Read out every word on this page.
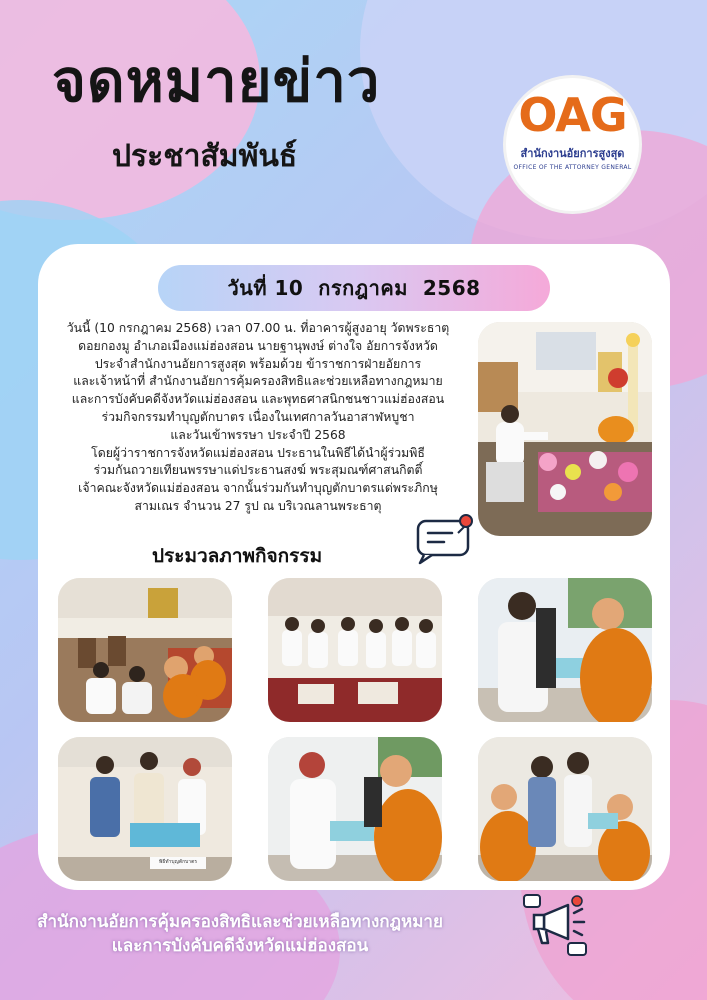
จดหมายข่าว
ประชาสัมพันธ์
OAG
สำนักงานอัยการสูงสุด
OFFICE OF THE ATTORNEY GENERAL
วันที่ 10  กรกฎาคม  2568

วันนี้ (10 กรกฎาคม 2568) เวลา 07.00 น. ที่อาคารผู้สูงอายุ วัดพระธาตุ
ดอยกองมู อำเภอเมืองแม่ฮ่องสอน นายฐานุพงษ์ ต่างใจ อัยการจังหวัด
ประจำสำนักงานอัยการสูงสุด พร้อมด้วย ข้าราชการฝ่ายอัยการ
และเจ้าหน้าที่ สำนักงานอัยการคุ้มครองสิทธิและช่วยเหลือทางกฎหมาย
และการบังคับคดีจังหวัดแม่ฮ่องสอน และพุทธศาสนิกชนชาวแม่ฮ่องสอน
ร่วมกิจกรรมทำบุญตักบาตร เนื่องในเทศกาลวันอาสาฬหบูชา
และวันเข้าพรรษา ประจำปี 2568
โดยผู้ว่าราชการจังหวัดแม่ฮ่องสอน ประธานในพิธีได้นำผู้ร่วมพิธี
ร่วมกันถวายเทียนพรรษาแด่ประธานสงฆ์ พระสุมณฑ์ศาสนกิตติ์
เจ้าคณะจังหวัดแม่ฮ่องสอน จากนั้นร่วมกันทำบุญตักบาตรแด่พระภิกษุ
สามเณร จำนวน 27 รูป ณ บริเวณลานพระธาตุ

ประมวลภาพกิจกรรม
พิธีทำบุญตักบาตร

สำนักงานอัยการคุ้มครองสิทธิและช่วยเหลือทางกฎหมาย
และการบังคับคดีจังหวัดแม่ฮ่องสอน
